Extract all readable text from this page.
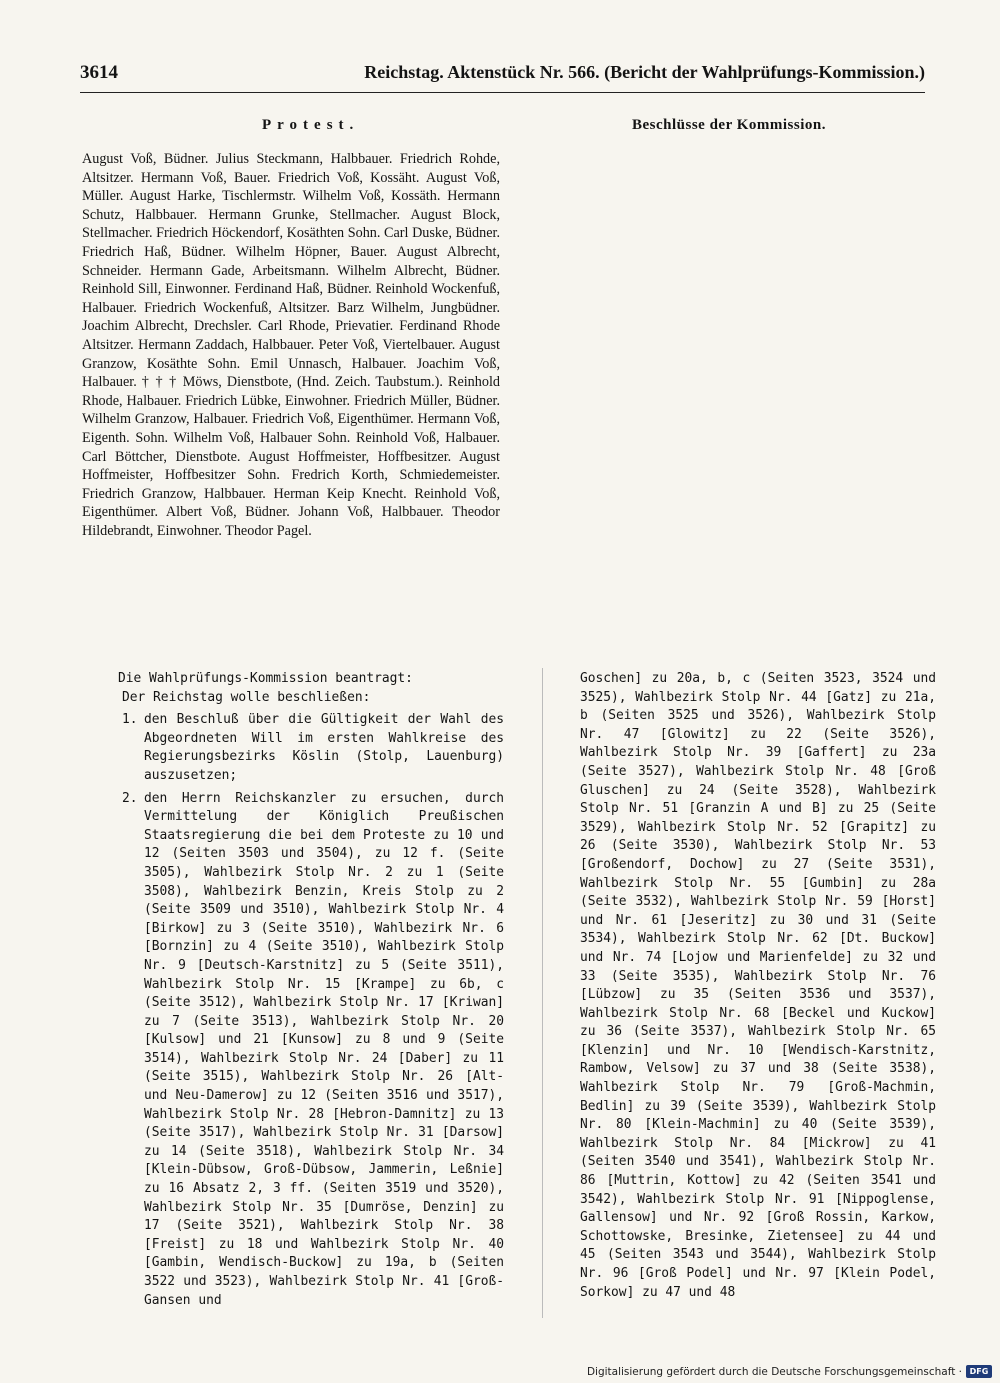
3614	Reichstag. Aktenstück Nr. 566. (Bericht der Wahlprüfungs-Kommission.)
Protest.	Beschlüsse der Kommission.

August Voß, Büdner. Julius Steckmann, Halbbauer. Friedrich Rohde, Altsitzer. Hermann Voß, Bauer. Friedrich Voß, Kossäht. August Voß, Müller. August Harke, Tischlermstr. Wilhelm Voß, Kossäth. Hermann Schutz, Halbbauer. Hermann Grunke, Stellmacher. August Block, Stellmacher. Friedrich Höckendorf, Kosäthten Sohn. Carl Duske, Büdner. Friedrich Haß, Büdner. Wilhelm Höpner, Bauer. August Albrecht, Schneider. Hermann Gade, Arbeitsmann. Wilhelm Albrecht, Büdner. Reinhold Sill, Einwonner. Ferdinand Haß, Büdner. Reinhold Wockenfuß, Halbauer. Friedrich Wockenfuß, Altsitzer. Barz Wilhelm, Jungbüdner. Joachim Albrecht, Drechsler. Carl Rhode, Prievatier. Ferdinand Rhode Altsitzer. Hermann Zaddach, Halbbauer. Peter Voß, Viertelbauer. August Granzow, Kosäthte Sohn. Emil Unnasch, Halbauer. Joachim Voß, Halbauer. † † † Möws, Dienstbote, (Hnd. Zeich. Taubstum.). Reinhold Rhode, Halbauer. Friedrich Lübke, Einwohner. Friedrich Müller, Büdner. Wilhelm Granzow, Halbauer. Friedrich Voß, Eigenthümer. Hermann Voß, Eigenth. Sohn. Wilhelm Voß, Halbauer Sohn. Reinhold Voß, Halbauer. Carl Böttcher, Dienstbote. August Hoffmeister, Hoffbesitzer. August Hoffmeister, Hoffbesitzer Sohn. Fredrich Korth, Schmiedemeister. Friedrich Granzow, Halbbauer. Herman Keip Knecht. Reinhold Voß, Eigenthümer. Albert Voß, Büdner. Johann Voß, Halbbauer. Theodor Hildebrandt, Einwohner. Theodor Pagel.

Die Wahlprüfungs-Kommission beantragt:

Der Reichstag wolle beschließen:

1. den Beschluß über die Gültigkeit der Wahl des Abgeordneten Will im ersten Wahlkreise des Regierungsbezirks Köslin (Stolp, Lauenburg) auszusetzen;
2. den Herrn Reichskanzler zu ersuchen, durch Vermittelung der Königlich Preußischen Staatsregierung die bei dem Proteste zu 10 und 12 (Seiten 3503 und 3504), zu 12 f. (Seite 3505), Wahlbezirk Stolp Nr. 2 zu 1 (Seite 3508), Wahlbezirk Benzin, Kreis Stolp zu 2 (Seite 3509 und 3510), Wahlbezirk Stolp Nr. 4 [Birkow] zu 3 (Seite 3510), Wahlbezirk Nr. 6 [Bornzin] zu 4 (Seite 3510), Wahlbezirk Stolp Nr. 9 [Deutsch-Karstnitz] zu 5 (Seite 3511), Wahlbezirk Stolp Nr. 15 [Krampe] zu 6b, c (Seite 3512), Wahlbezirk Stolp Nr. 17 [Kriwan] zu 7 (Seite 3513), Wahlbezirk Stolp Nr. 20 [Kulsow] und 21 [Kunsow] zu 8 und 9 (Seite 3514), Wahlbezirk Stolp Nr. 24 [Daber] zu 11 (Seite 3515), Wahlbezirk Stolp Nr. 26 [Alt- und Neu-Damerow] zu 12 (Seiten 3516 und 3517), Wahlbezirk Stolp Nr. 28 [Hebron-Damnitz] zu 13 (Seite 3517), Wahlbezirk Stolp Nr. 31 [Darsow] zu 14 (Seite 3518), Wahlbezirk Stolp Nr. 34 [Klein-Dübsow, Groß-Dübsow, Jammerin, Leßnie] zu 16 Absatz 2, 3 ff. (Seiten 3519 und 3520), Wahlbezirk Stolp Nr. 35 [Dumröse, Denzin] zu 17 (Seite 3521), Wahlbezirk Stolp Nr. 38 [Freist] zu 18 und Wahlbezirk Stolp Nr. 40 [Gambin, Wendisch-Buckow] zu 19a, b (Seiten 3522 und 3523), Wahlbezirk Stolp Nr. 41 [Groß-Gansen und

Goschen] zu 20a, b, c (Seiten 3523, 3524 und 3525), Wahlbezirk Stolp Nr. 44 [Gatz] zu 21a, b (Seiten 3525 und 3526), Wahlbezirk Stolp Nr. 47 [Glowitz] zu 22 (Seite 3526), Wahlbezirk Stolp Nr. 39 [Gaffert] zu 23a (Seite 3527), Wahlbezirk Stolp Nr. 48 [Groß Gluschen] zu 24 (Seite 3528), Wahlbezirk Stolp Nr. 51 [Granzin A und B] zu 25 (Seite 3529), Wahlbezirk Stolp Nr. 52 [Grapitz] zu 26 (Seite 3530), Wahlbezirk Stolp Nr. 53 [Großendorf, Dochow] zu 27 (Seite 3531), Wahlbezirk Stolp Nr. 55 [Gumbin] zu 28a (Seite 3532), Wahlbezirk Stolp Nr. 59 [Horst] und Nr. 61 [Jeseritz] zu 30 und 31 (Seite 3534), Wahlbezirk Stolp Nr. 62 [Dt. Buckow] und Nr. 74 [Lojow und Marienfelde] zu 32 und 33 (Seite 3535), Wahlbezirk Stolp Nr. 76 [Lübzow] zu 35 (Seiten 3536 und 3537), Wahlbezirk Stolp Nr. 68 [Beckel und Kuckow] zu 36 (Seite 3537), Wahlbezirk Stolp Nr. 65 [Klenzin] und Nr. 10 [Wendisch-Karstnitz, Rambow, Velsow] zu 37 und 38 (Seite 3538), Wahlbezirk Stolp Nr. 79 [Groß-Machmin, Bedlin] zu 39 (Seite 3539), Wahlbezirk Stolp Nr. 80 [Klein-Machmin] zu 40 (Seite 3539), Wahlbezirk Stolp Nr. 84 [Mickrow] zu 41 (Seiten 3540 und 3541), Wahlbezirk Stolp Nr. 86 [Muttrin, Kottow] zu 42 (Seiten 3541 und 3542), Wahlbezirk Stolp Nr. 91 [Nippoglense, Gallensow] und Nr. 92 [Groß Rossin, Karkow, Schottowske, Bresinke, Zietensee] zu 44 und 45 (Seiten 3543 und 3544), Wahlbezirk Stolp Nr. 96 [Groß Podel] und Nr. 97 [Klein Podel, Sorkow] zu 47 und 48

Digitalisierung gefördert durch die Deutsche Forschungsgemeinschaft · DFG
